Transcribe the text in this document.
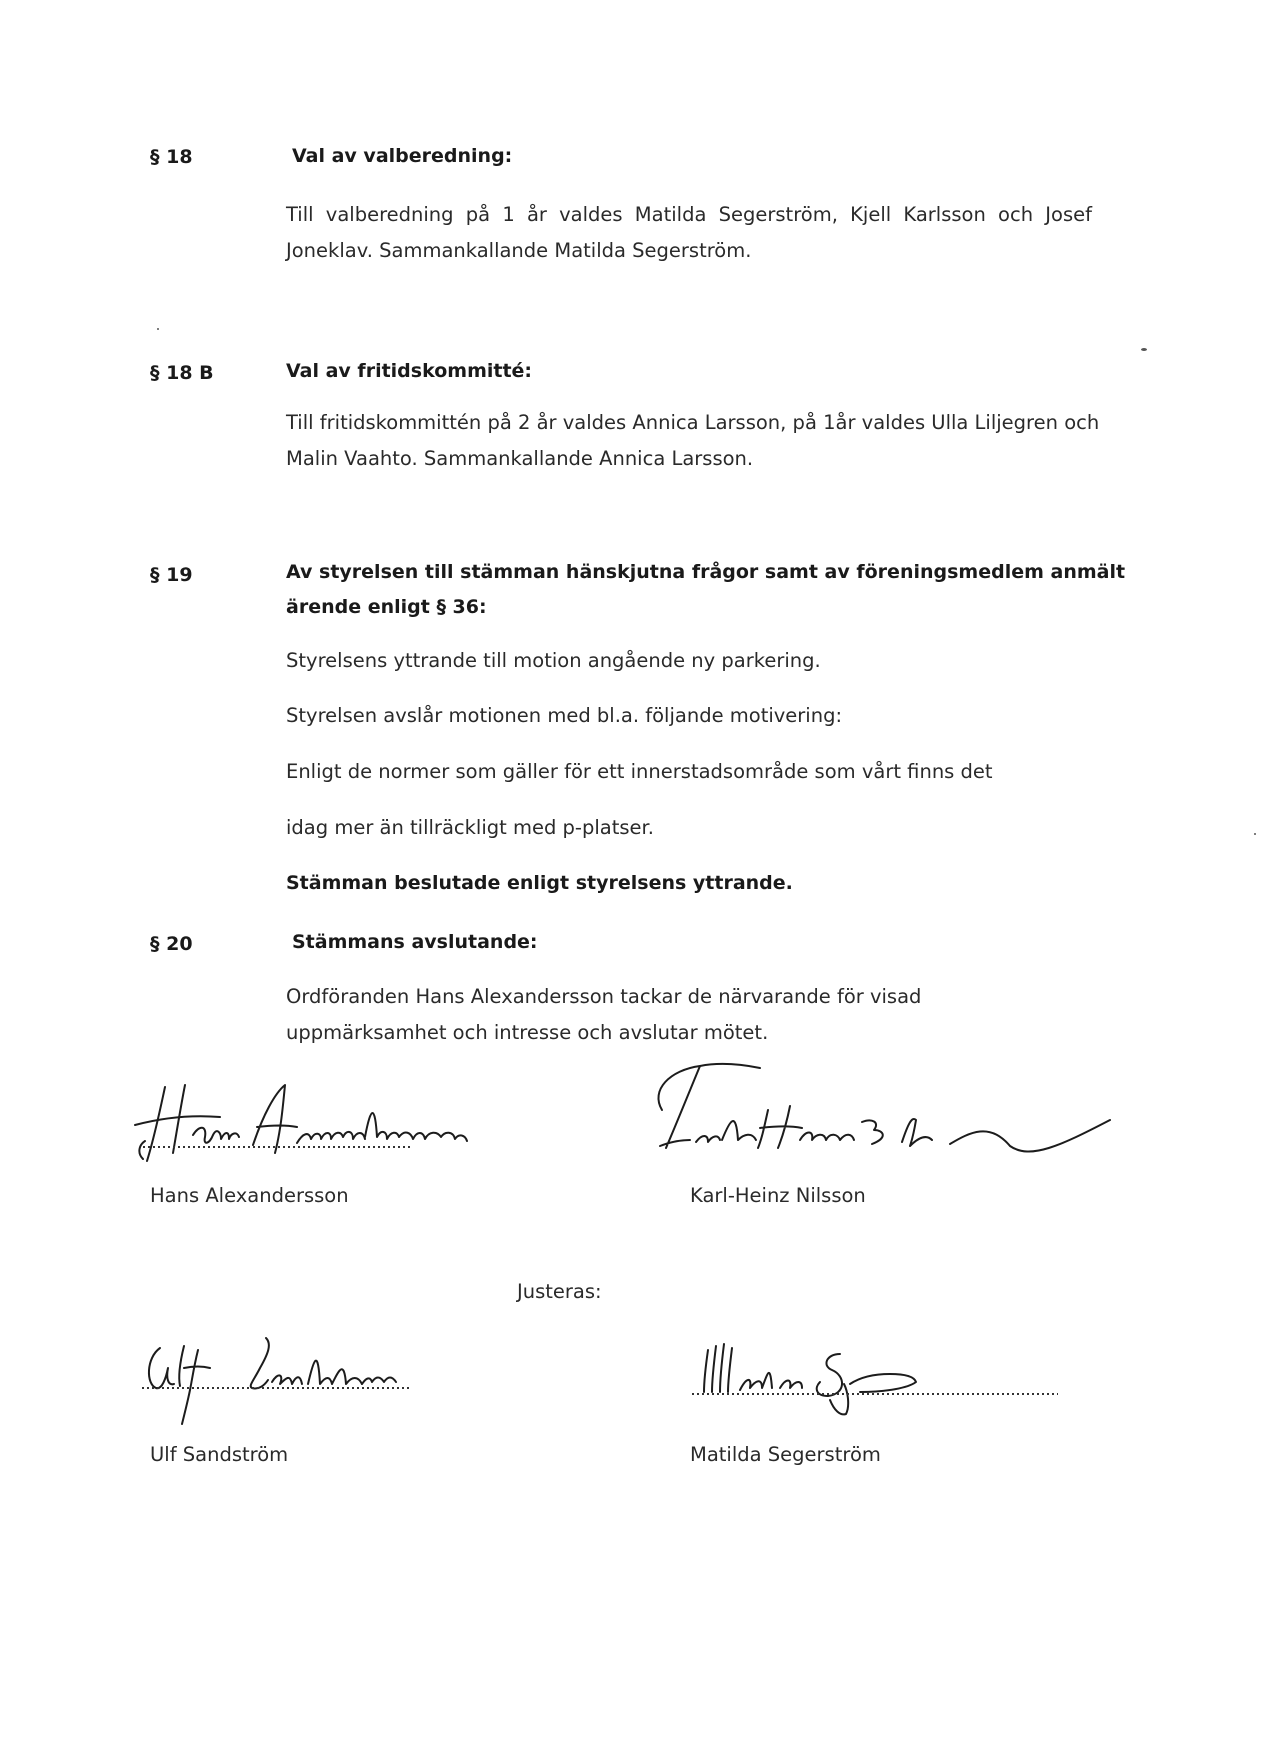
§ 18	Val av valberedning:
Till valberedning på 1 år valdes Matilda Segerström, Kjell Karlsson och Josef Joneklav. Sammankallande Matilda Segerström.
§ 18 B	Val av fritidskommitté:
Till fritidskommittén på 2 år valdes Annica Larsson, på 1år valdes Ulla Liljegren och Malin Vaahto. Sammankallande Annica Larsson.
§ 19	Av styrelsen till stämman hänskjutna frågor samt av föreningsmedlem anmält
ärende enligt § 36:
Styrelsens yttrande till motion angående ny parkering.
Styrelsen avslår motionen med bl.a. följande motivering:
Enligt de normer som gäller för ett innerstadsområde som vårt finns det
idag mer än tillräckligt med p-platser.
Stämman beslutade enligt styrelsens yttrande.
§ 20	Stämmans avslutande:
Ordföranden Hans Alexandersson tackar de närvarande för visad uppmärksamhet och intresse och avslutar mötet.
Hans Alexandersson	Karl-Heinz Nilsson
Justeras:
Ulf Sandström	Matilda Segerström
